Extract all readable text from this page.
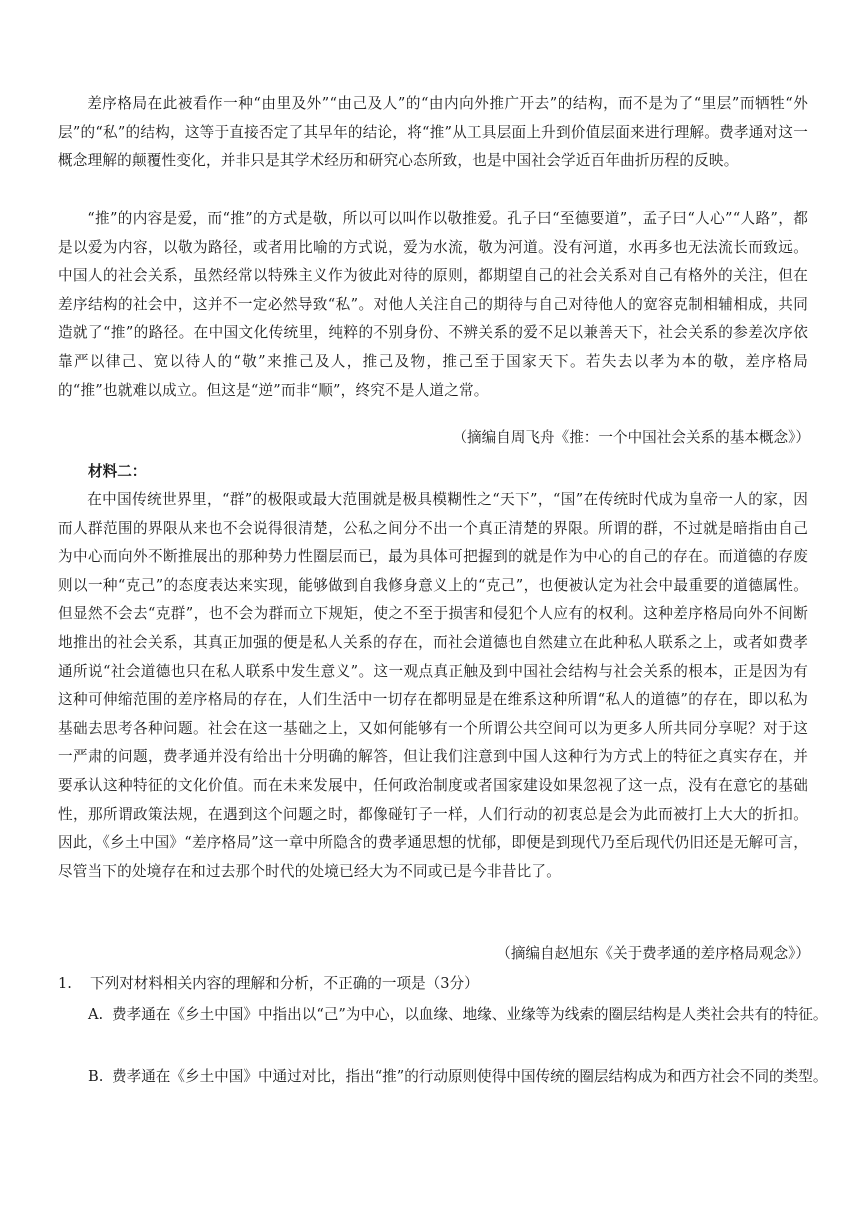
差序格局在此被看作一种“由里及外”“由己及人”的“由内向外推广开去”的结构，而不是为了“里层”而牺牲“外层”的“私”的结构，这等于直接否定了其早年的结论，将“推”从工具层面上升到价值层面来进行理解。费孝通对这一概念理解的颠覆性变化，并非只是其学术经历和研究心态所致，也是中国社会学近百年曲折历程的反映。

“推”的内容是爱，而“推”的方式是敬，所以可以叫作以敬推爱。孔子曰“至德要道”，孟子曰“人心”“人路”，都是以爱为内容，以敬为路径，或者用比喻的方式说，爱为水流，敬为河道。没有河道，水再多也无法流长而致远。中国人的社会关系，虽然经常以特殊主义作为彼此对待的原则，都期望自己的社会关系对自己有格外的关注，但在差序结构的社会中，这并不一定必然导致“私”。对他人关注自己的期待与自己对待他人的宽容克制相辅相成，共同造就了“推”的路径。在中国文化传统里，纯粹的不别身份、不辨关系的爱不足以兼善天下，社会关系的参差次序依靠严以律己、宽以待人的“敬”来推己及人，推己及物，推己至于国家天下。若失去以孝为本的敬，差序格局的“推”也就难以成立。但这是“逆”而非“顺”，终究不是人道之常。

（摘编自周飞舟《推：一个中国社会关系的基本概念》）

材料二：

在中国传统世界里，“群”的极限或最大范围就是极具模糊性之“天下”，“国”在传统时代成为皇帝一人的家，因而人群范围的界限从来也不会说得很清楚，公私之间分不出一个真正清楚的界限。所谓的群，不过就是暗指由自己为中心而向外不断推展出的那种势力性圈层而已，最为具体可把握到的就是作为中心的自己的存在。而道德的存废则以一种“克己”的态度表达来实现，能够做到自我修身意义上的“克己”，也便被认定为社会中最重要的道德属性。但显然不会去“克群”，也不会为群而立下规矩，使之不至于损害和侵犯个人应有的权利。这种差序格局向外不间断地推出的社会关系，其真正加强的便是私人关系的存在，而社会道德也自然建立在此种私人联系之上，或者如费孝通所说“社会道德也只在私人联系中发生意义”。这一观点真正触及到中国社会结构与社会关系的根本，正是因为有这种可伸缩范围的差序格局的存在，人们生活中一切存在都明显是在维系这种所谓“私人的道德”的存在，即以私为基础去思考各种问题。社会在这一基础之上，又如何能够有一个所谓公共空间可以为更多人所共同分享呢？对于这一严肃的问题，费孝通并没有给出十分明确的解答，但让我们注意到中国人这种行为方式上的特征之真实存在，并要承认这种特征的文化价值。而在未来发展中，任何政治制度或者国家建设如果忽视了这一点，没有在意它的基础性，那所谓政策法规，在遇到这个问题之时，都像碰钉子一样，人们行动的初衷总是会为此而被打上大大的折扣。因此，《乡土中国》“差序格局”这一章中所隐含的费孝通思想的忧郁，即便是到现代乃至后现代仍旧还是无解可言，尽管当下的处境存在和过去那个时代的处境已经大为不同或已是今非昔比了。

（摘编自赵旭东《关于费孝通的差序格局观念》）

1. 下列对材料相关内容的理解和分析，不正确的一项是（3分）

A. 费孝通在《乡土中国》中指出以“己”为中心，以血缘、地缘、业缘等为线索的圈层结构是人类社会共有的特征。

B. 费孝通在《乡土中国》中通过对比，指出“推”的行动原则使得中国传统的圈层结构成为和西方社会不同的类型。
